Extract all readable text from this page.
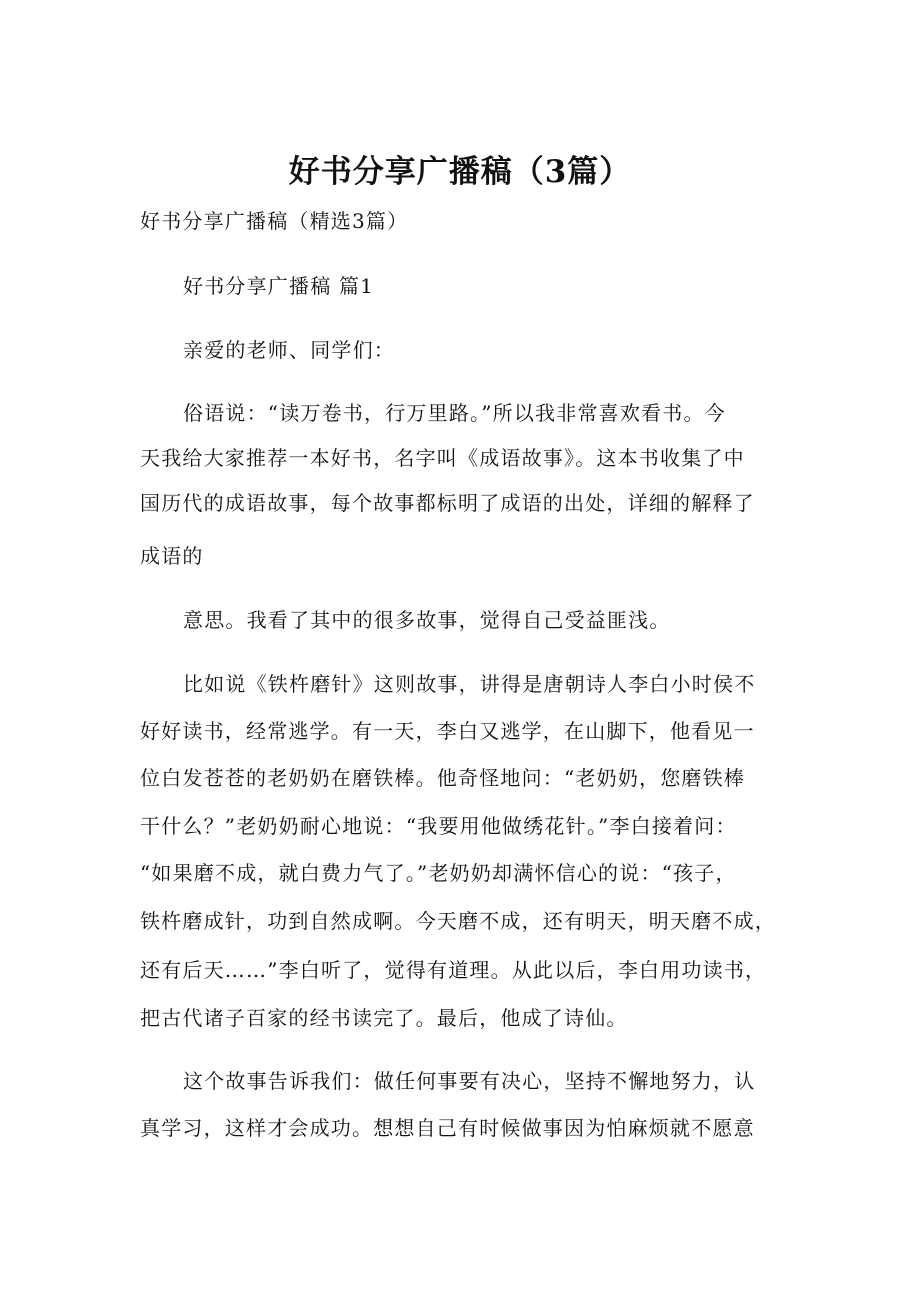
好书分享广播稿（3篇）
好书分享广播稿（精选3篇）
好书分享广播稿 篇1
亲爱的老师、同学们：
俗语说：“读万卷书，行万里路。”所以我非常喜欢看书。今
天我给大家推荐一本好书，名字叫《成语故事》。这本书收集了中
国历代的成语故事，每个故事都标明了成语的出处，详细的解释了
成语的
意思。我看了其中的很多故事，觉得自己受益匪浅。
比如说《铁杵磨针》这则故事，讲得是唐朝诗人李白小时侯不
好好读书，经常逃学。有一天，李白又逃学，在山脚下，他看见一
位白发苍苍的老奶奶在磨铁棒。他奇怪地问：“老奶奶，您磨铁棒
干什么？”老奶奶耐心地说：“我要用他做绣花针。”李白接着问：
“如果磨不成，就白费力气了。”老奶奶却满怀信心的说：“孩子，
铁杵磨成针，功到自然成啊。今天磨不成，还有明天，明天磨不成，
还有后天……”李白听了，觉得有道理。从此以后，李白用功读书，
把古代诸子百家的经书读完了。最后，他成了诗仙。
这个故事告诉我们：做任何事要有决心，坚持不懈地努力，认
真学习，这样才会成功。想想自己有时候做事因为怕麻烦就不愿意
